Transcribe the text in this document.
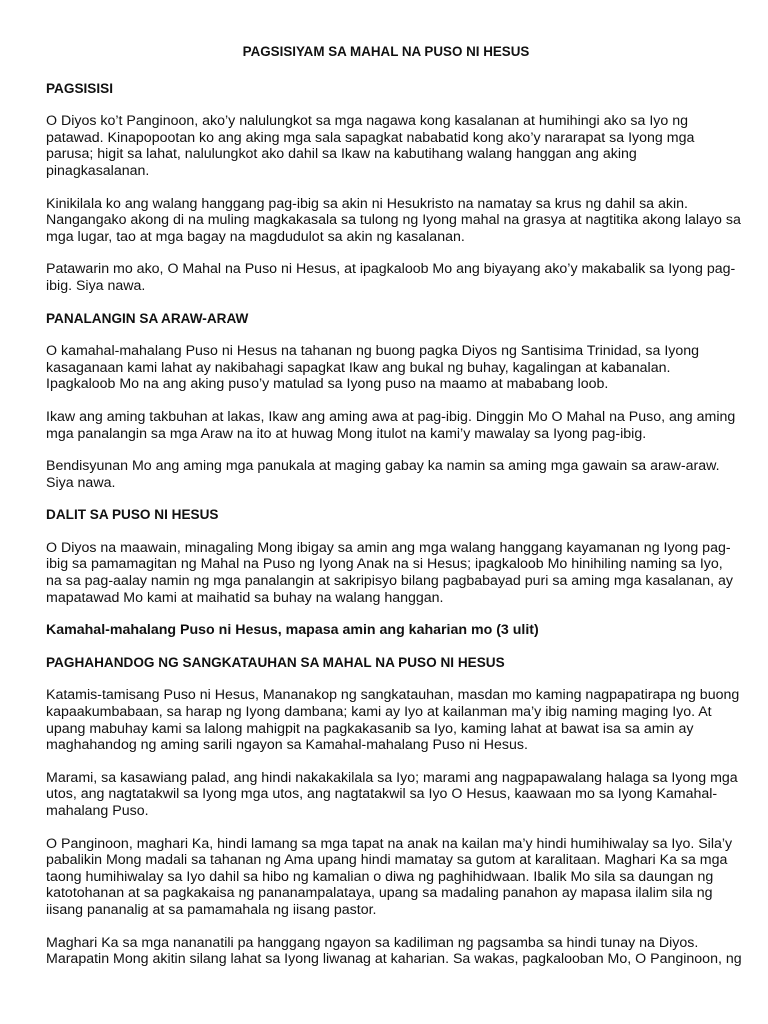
PAGSISIYAM SA MAHAL NA PUSO NI HESUS
PAGSISISI
O Diyos ko’t Panginoon, ako’y nalulungkot sa mga nagawa kong kasalanan at humihingi ako sa Iyo ng
patawad. Kinapopootan ko ang aking mga sala sapagkat nababatid kong ako’y nararapat sa Iyong mga
parusa; higit sa lahat, nalulungkot ako dahil sa Ikaw na kabutihang walang hanggan ang aking
pinagkasalanan.
Kinikilala ko ang walang hanggang pag-ibig sa akin ni Hesukristo na namatay sa krus ng dahil sa akin.
Nangangako akong di na muling magkakasala sa tulong ng Iyong mahal na grasya at nagtitika akong lalayo sa
mga lugar, tao at mga bagay na magdudulot sa akin ng kasalanan.
Patawarin mo ako, O Mahal na Puso ni Hesus, at ipagkaloob Mo ang biyayang ako’y makabalik sa Iyong pag-
ibig. Siya nawa.
PANALANGIN SA ARAW-ARAW
O kamahal-mahalang Puso ni Hesus na tahanan ng buong pagka Diyos ng Santisima Trinidad, sa Iyong
kasaganaan kami lahat ay nakibahagi sapagkat Ikaw ang bukal ng buhay, kagalingan at kabanalan.
Ipagkaloob Mo na ang aking puso’y matulad sa Iyong puso na maamo at mababang loob.
Ikaw ang aming takbuhan at lakas, Ikaw ang aming awa at pag-ibig. Dinggin Mo O Mahal na Puso, ang aming
mga panalangin sa mga Araw na ito at huwag Mong itulot na kami’y mawalay sa Iyong pag-ibig.
Bendisyunan Mo ang aming mga panukala at maging gabay ka namin sa aming mga gawain sa araw-araw.
Siya nawa.
DALIT SA PUSO NI HESUS
O Diyos na maawain, minagaling Mong ibigay sa amin ang mga walang hanggang kayamanan ng Iyong pag-
ibig sa pamamagitan ng Mahal na Puso ng Iyong Anak na si Hesus; ipagkaloob Mo hinihiling naming sa Iyo,
na sa pag-aalay namin ng mga panalangin at sakripisyo bilang pagbabayad puri sa aming mga kasalanan, ay
mapatawad Mo kami at maihatid sa buhay na walang hanggan.
Kamahal-mahalang Puso ni Hesus, mapasa amin ang kaharian mo (3 ulit)
PAGHAHANDOG NG SANGKATAUHAN SA MAHAL NA PUSO NI HESUS
Katamis-tamisang Puso ni Hesus, Mananakop ng sangkatauhan, masdan mo kaming nagpapatirapa ng buong
kapaakumbabaan, sa harap ng Iyong dambana; kami ay Iyo at kailanman ma’y ibig naming maging Iyo. At
upang mabuhay kami sa lalong mahigpit na pagkakasanib sa Iyo, kaming lahat at bawat isa sa amin ay
maghahandog ng aming sarili ngayon sa Kamahal-mahalang Puso ni Hesus.
Marami, sa kasawiang palad, ang hindi nakakakilala sa Iyo; marami ang nagpapawalang halaga sa Iyong mga
utos, ang nagtatakwil sa Iyong mga utos, ang nagtatakwil sa Iyo O Hesus, kaawaan mo sa Iyong Kamahal-
mahalang Puso.
O Panginoon, maghari Ka, hindi lamang sa mga tapat na anak na kailan ma’y hindi humihiwalay sa Iyo. Sila’y
pabalikin Mong madali sa tahanan ng Ama upang hindi mamatay sa gutom at karalitaan. Maghari Ka sa mga
taong humihiwalay sa Iyo dahil sa hibo ng kamalian o diwa ng paghihidwaan. Ibalik Mo sila sa daungan ng
katotohanan at sa pagkakaisa ng pananampalataya, upang sa madaling panahon ay mapasa ilalim sila ng
iisang pananalig at sa pamamahala ng iisang pastor.
Maghari Ka sa mga nananatili pa hanggang ngayon sa kadiliman ng pagsamba sa hindi tunay na Diyos.
Marapatin Mong akitin silang lahat sa Iyong liwanag at kaharian. Sa wakas, pagkalooban Mo, O Panginoon, ng
